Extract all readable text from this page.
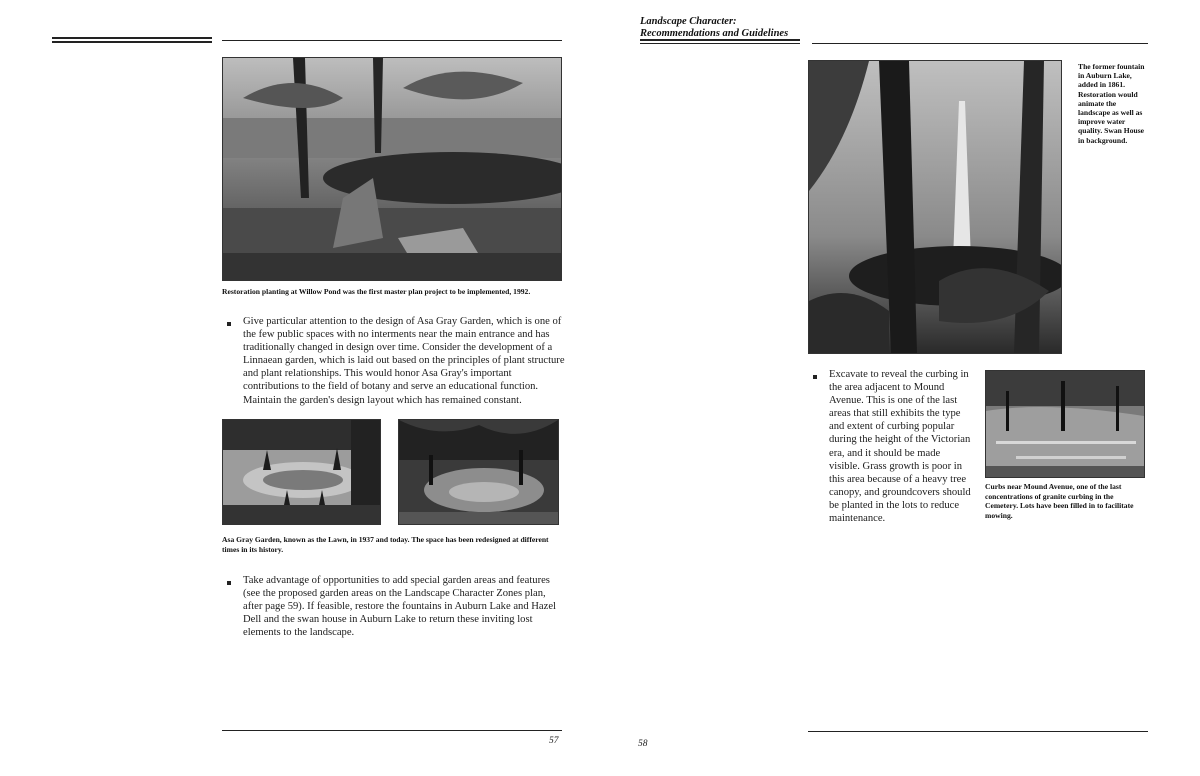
Landscape Character:
Recommendations and Guidelines
Restoration planting at Willow Pond was the first master plan project to be implemented, 1992.
Give particular attention to the design of Asa Gray Garden, which is one of the few public spaces with no interments near the main entrance and has traditionally changed in design over time. Consider the development of a Linnaean garden, which is laid out based on the principles of plant structure and plant relationships. This would honor Asa Gray's important contributions to the field of botany and serve an educational function. Maintain the garden's design layout which has remained constant.
Asa Gray Garden, known as the Lawn, in 1937 and today. The space has been redesigned at different times in its history.
Take advantage of opportunities to add special garden areas and features (see the proposed garden areas on the Landscape Character Zones plan, after page 59). If feasible, restore the fountains in Auburn Lake and Hazel Dell and the swan house in Auburn Lake to return these inviting lost elements to the landscape.
57
The former fountain in Auburn Lake, added in 1861. Restoration would animate the landscape as well as improve water quality. Swan House in background.
Excavate to reveal the curbing in the area adjacent to Mound Avenue. This is one of the last areas that still exhibits the type and extent of curbing popular during the height of the Victorian era, and it should be made visible. Grass growth is poor in this area because of a heavy tree canopy, and groundcovers should be planted in the lots to reduce maintenance.
Curbs near Mound Avenue, one of the last concentrations of granite curbing in the Cemetery. Lots have been filled in to facilitate mowing.
58
